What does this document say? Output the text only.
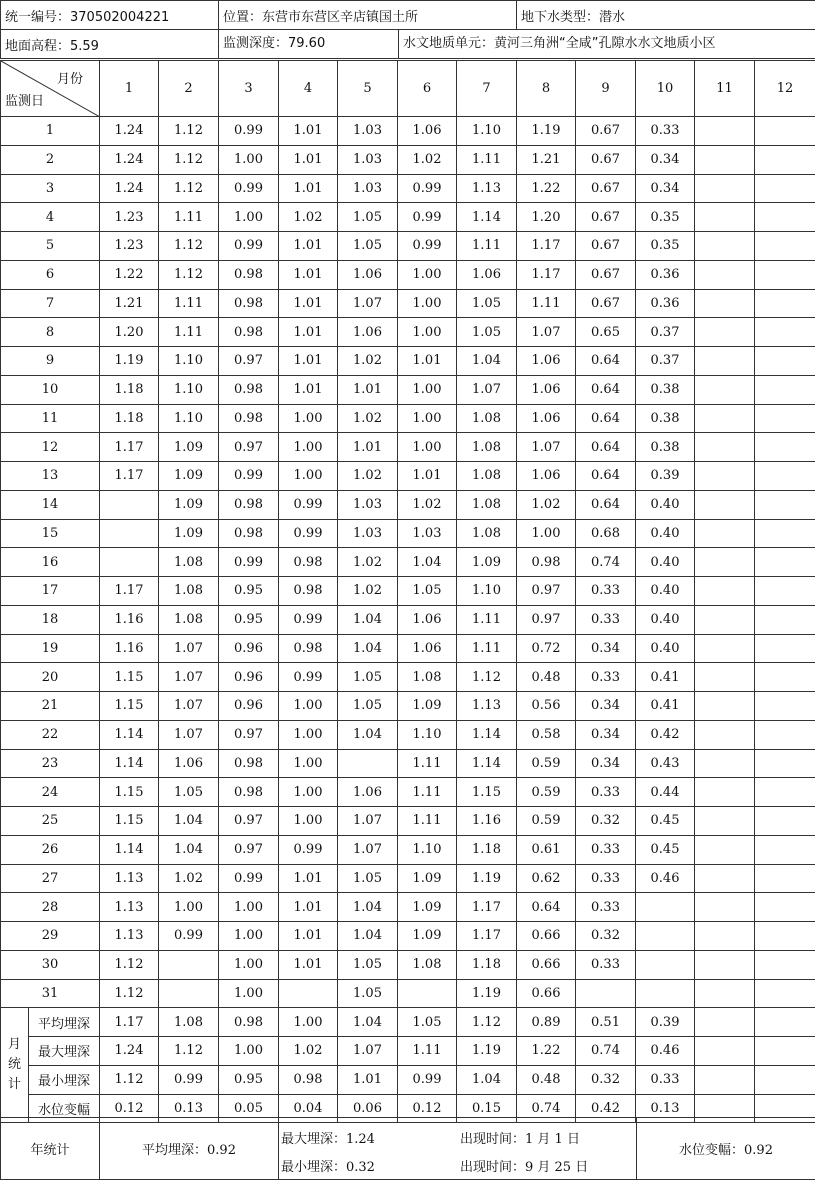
统一编号：370502004221	位置：东营市东营区辛店镇国土所	地下水类型：潜水
地面高程：5.59	监测深度：79.60 水文地质单元：黄河三角洲“全咸”孔隙水水文地质小区	
月份
监测日		1	2	3	4	5	6	7	8	9	10	11	12
1		1.24	1.12	0.99	1.01	1.03	1.06	1.10	1.19	0.67	0.33		
2		1.24	1.12	1.00	1.01	1.03	1.02	1.11	1.21	0.67	0.34		
3		1.24	1.12	0.99	1.01	1.03	0.99	1.13	1.22	0.67	0.34		
4		1.23	1.11	1.00	1.02	1.05	0.99	1.14	1.20	0.67	0.35		
5		1.23	1.12	0.99	1.01	1.05	0.99	1.11	1.17	0.67	0.35		
6		1.22	1.12	0.98	1.01	1.06	1.00	1.06	1.17	0.67	0.36		
7		1.21	1.11	0.98	1.01	1.07	1.00	1.05	1.11	0.67	0.36		
8		1.20	1.11	0.98	1.01	1.06	1.00	1.05	1.07	0.65	0.37		
9		1.19	1.10	0.97	1.01	1.02	1.01	1.04	1.06	0.64	0.37		
10		1.18	1.10	0.98	1.01	1.01	1.00	1.07	1.06	0.64	0.38		
11		1.18	1.10	0.98	1.00	1.02	1.00	1.08	1.06	0.64	0.38		
12		1.17	1.09	0.97	1.00	1.01	1.00	1.08	1.07	0.64	0.38		
13		1.17	1.09	0.99	1.00	1.02	1.01	1.08	1.06	0.64	0.39		
14			1.09	0.98	0.99	1.03	1.02	1.08	1.02	0.64	0.40		
15			1.09	0.98	0.99	1.03	1.03	1.08	1.00	0.68	0.40		
16			1.08	0.99	0.98	1.02	1.04	1.09	0.98	0.74	0.40		
17		1.17	1.08	0.95	0.98	1.02	1.05	1.10	0.97	0.33	0.40		
18		1.16	1.08	0.95	0.99	1.04	1.06	1.11	0.97	0.33	0.40		
19		1.16	1.07	0.96	0.98	1.04	1.06	1.11	0.72	0.34	0.40		
20		1.15	1.07	0.96	0.99	1.05	1.08	1.12	0.48	0.33	0.41		
21		1.15	1.07	0.96	1.00	1.05	1.09	1.13	0.56	0.34	0.41		
22		1.14	1.07	0.97	1.00	1.04	1.10	1.14	0.58	0.34	0.42		
23		1.14	1.06	0.98	1.00		1.11	1.14	0.59	0.34	0.43		
24		1.15	1.05	0.98	1.00	1.06	1.11	1.15	0.59	0.33	0.44		
25		1.15	1.04	0.97	1.00	1.07	1.11	1.16	0.59	0.32	0.45		
26		1.14	1.04	0.97	0.99	1.07	1.10	1.18	0.61	0.33	0.45		
27		1.13	1.02	0.99	1.01	1.05	1.09	1.19	0.62	0.33	0.46		
28		1.13	1.00	1.00	1.01	1.04	1.09	1.17	0.64	0.33			
29		1.13	0.99	1.00	1.01	1.04	1.09	1.17	0.66	0.32			
30		1.12		1.00	1.01	1.05	1.08	1.18	0.66	0.33			
31		1.12		1.00		1.05		1.19	0.66				

月
统
计	平均埋深	1.17	1.08	0.98	1.00	1.04	1.05	1.12	0.89	0.51	0.39		
	最大埋深	1.24	1.12	1.00	1.02	1.07	1.11	1.19	1.22	0.74	0.46		
	最小埋深	1.12	0.99	0.95	0.98	1.01	0.99	1.04	0.48	0.32	0.33		
	水位变幅	0.12	0.13	0.05	0.04	0.06	0.12	0.15	0.74	0.42	0.13		
年统计	平均埋深：0.92	
最大埋深：1.24	出现时间：1 月 1 日
最小埋深：0.32	出现时间：9 月 25 日
	水位变幅：0.92
